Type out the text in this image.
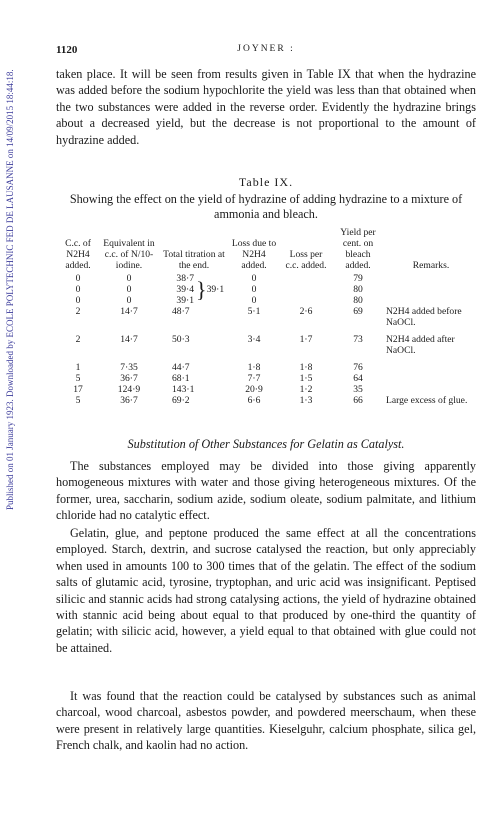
Published on 01 January 1923. Downloaded by ECOLE POLYTECHNIC FED DE LAUSANNE on 14/09/2015 18:44:18.
1120	JOYNER :

taken place. It will be seen from results given in Table IX that when the hydrazine was added before the sodium hypochlorite the yield was less than that obtained when the two substances were added in the reverse order. Evidently the hydrazine brings about a decreased yield, but the decrease is not proportional to the amount of hydrazine added.

Table IX.
Showing the effect on the yield of hydrazine of adding hydrazine to a mixture of ammonia and bleach.
C.c. of N2H4 added.	Equivalent in c.c. of N/10-iodine.	Total titration at the end.		Loss due to N2H4 added.	Loss per c.c. added.	Yield per cent. on bleach added.	Remarks.
0	0	38·7	}39·1	0		79	
0	0	39·4		0		80	
0	0	39·1		0		80	
2	14·7	48·7		5·1	2·6	69	N2H4 added before NaOCl.
2	14·7	50·3		3·4	1·7	73	N2H4 added after NaOCl.
1	7·35	44·7		1·8	1·8	76	
5	36·7	68·1		7·7	1·5	64	
17	124·9	143·1		20·9	1·2	35	
5	36·7	69·2		6·6	1·3	66	Large excess of glue.
Substitution of Other Substances for Gelatin as Catalyst.

The substances employed may be divided into those giving apparently homogeneous mixtures with water and those giving heterogeneous mixtures. Of the former, urea, saccharin, sodium azide, sodium oleate, sodium palmitate, and lithium chloride had no catalytic effect.

Gelatin, glue, and peptone produced the same effect at all the concentrations employed. Starch, dextrin, and sucrose catalysed the reaction, but only appreciably when used in amounts 100 to 300 times that of the gelatin. The effect of the sodium salts of glutamic acid, tyrosine, tryptophan, and uric acid was insignificant. Peptised silicic and stannic acids had strong catalysing actions, the yield of hydrazine obtained with stannic acid being about equal to that produced by one-third the quantity of gelatin; with silicic acid, however, a yield equal to that obtained with glue could not be attained.

It was found that the reaction could be catalysed by substances such as animal charcoal, wood charcoal, asbestos powder, and powdered meerschaum, when these were present in relatively large quantities. Kieselguhr, calcium phosphate, silica gel, French chalk, and kaolin had no action.
